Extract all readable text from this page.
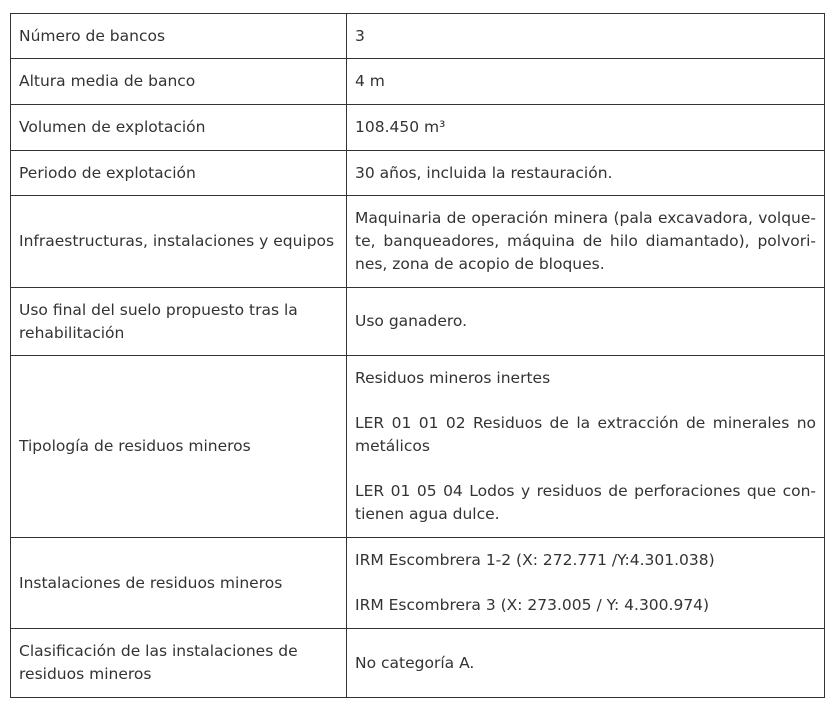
Número de bancos	3

Altura media de banco	4 m

Volumen de explotación	108.450 m³

Periodo de explotación	30 años, incluida la restauración.

Infraestructuras, instalaciones y equipos	Maquinaria de operación minera (pala excavadora, volque-te, banqueadores, máquina de hilo diamantado), polvori-nes, zona de acopio de bloques.

Uso final del suelo propuesto tras la rehabilitación	Uso ganadero.

Tipología de residuos mineros	Residuos mineros inertes
LER 01 01 02 Residuos de la extracción de minerales no metálicos
LER 01 05 04 Lodos y residuos de perforaciones que con-tienen agua dulce.

Instalaciones de residuos mineros	IRM Escombrera 1-2 (X: 272.771 /Y:4.301.038)
IRM Escombrera 3 (X: 273.005 / Y: 4.300.974)

Clasificación de las instalaciones de residuos mineros	No categoría A.
